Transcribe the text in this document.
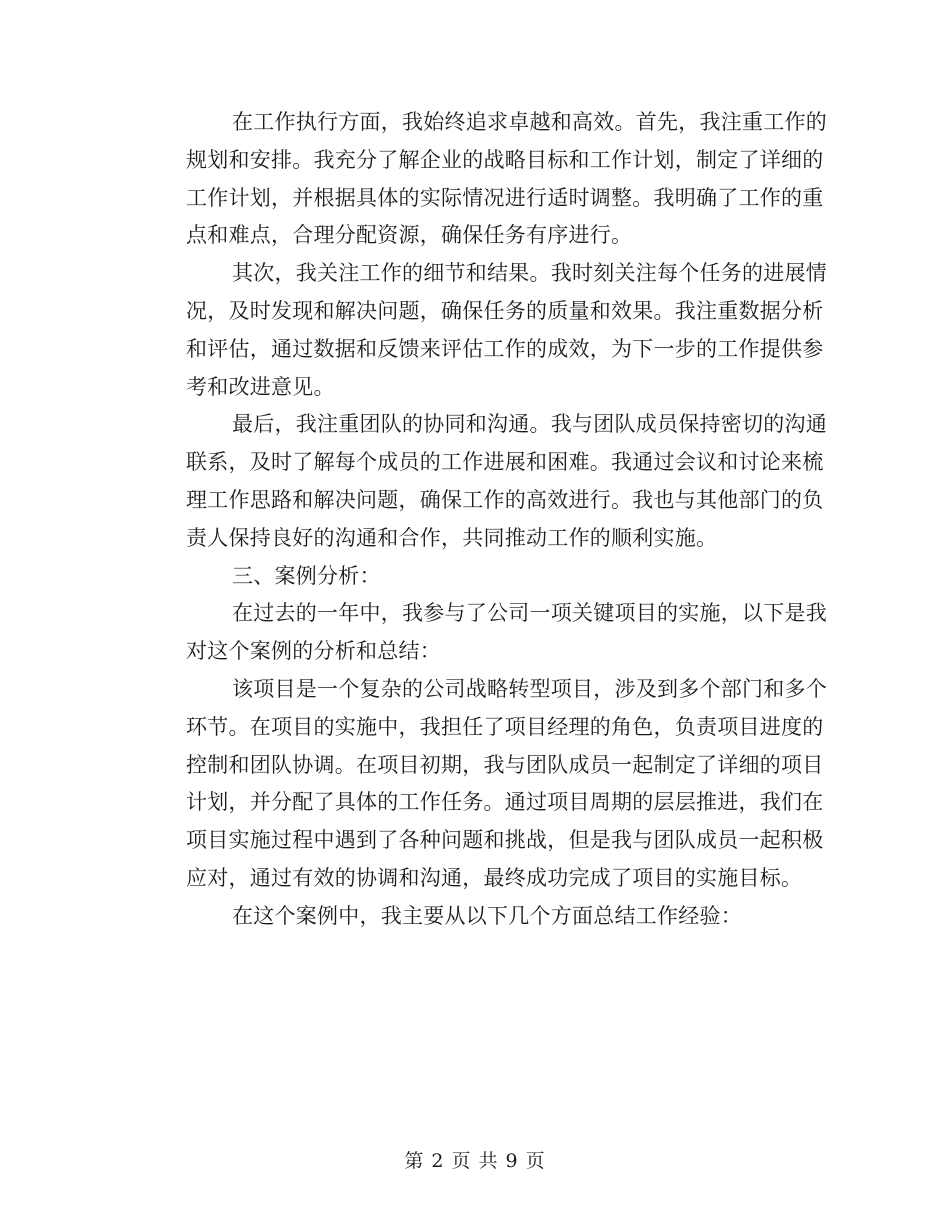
在工作执行方面，我始终追求卓越和高效。首先，我注重工作的
规划和安排。我充分了解企业的战略目标和工作计划，制定了详细的
工作计划，并根据具体的实际情况进行适时调整。我明确了工作的重
点和难点，合理分配资源，确保任务有序进行。
其次，我关注工作的细节和结果。我时刻关注每个任务的进展情
况，及时发现和解决问题，确保任务的质量和效果。我注重数据分析
和评估，通过数据和反馈来评估工作的成效，为下一步的工作提供参
考和改进意见。
最后，我注重团队的协同和沟通。我与团队成员保持密切的沟通
联系，及时了解每个成员的工作进展和困难。我通过会议和讨论来梳
理工作思路和解决问题，确保工作的高效进行。我也与其他部门的负
责人保持良好的沟通和合作，共同推动工作的顺利实施。
三、案例分析：
在过去的一年中，我参与了公司一项关键项目的实施，以下是我
对这个案例的分析和总结：
该项目是一个复杂的公司战略转型项目，涉及到多个部门和多个
环节。在项目的实施中，我担任了项目经理的角色，负责项目进度的
控制和团队协调。在项目初期，我与团队成员一起制定了详细的项目
计划，并分配了具体的工作任务。通过项目周期的层层推进，我们在
项目实施过程中遇到了各种问题和挑战，但是我与团队成员一起积极
应对，通过有效的协调和沟通，最终成功完成了项目的实施目标。
在这个案例中，我主要从以下几个方面总结工作经验：
第 2 页 共 9 页
